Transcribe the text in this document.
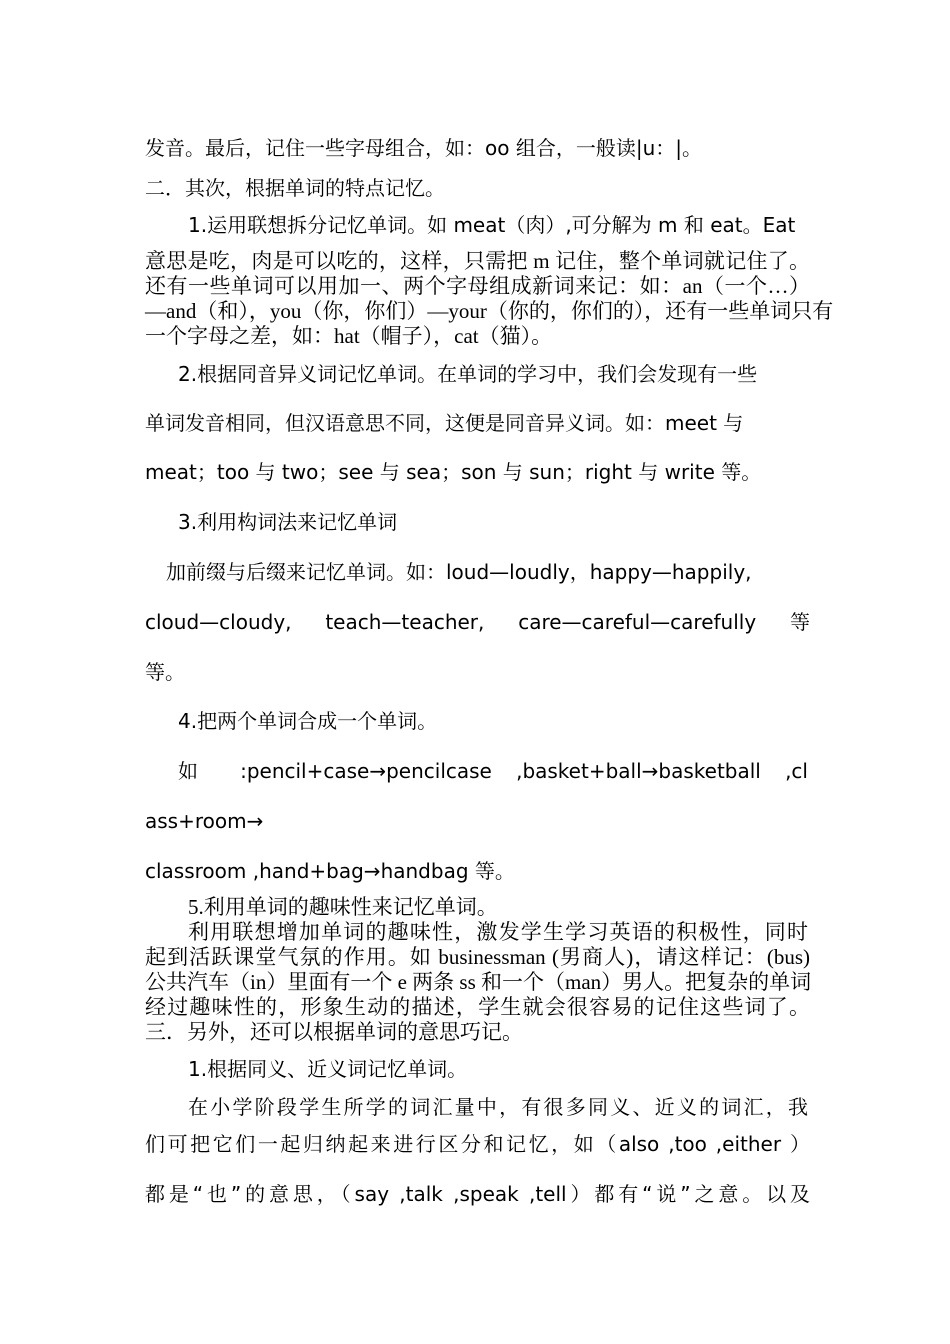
发音。最后，记住一些字母组合，如：oo 组合，一般读|u：|。
二．其次，根据单词的特点记忆。
1.运用联想拆分记忆单词。如 meat（肉）,可分解为 m 和 eat。Eat
意思是吃，肉是可以吃的，这样，只需把 m 记住，整个单词就记住了。
还有一些单词可以用加一、两个字母组成新词来记：如：an（一个…）
—and（和），you（你，你们）—your（你的，你们的），还有一些单词只有
一个字母之差，如：hat（帽子），cat（猫）。
2.根据同音异义词记忆单词。在单词的学习中，我们会发现有一些
单词发音相同，但汉语意思不同，这便是同音异义词。如：meet 与
meat；too 与 two；see 与 sea；son 与 sun；right 与 write 等。
3.利用构词法来记忆单词
加前缀与后缀来记忆单词。如：loud—loudly，happy—happily,
cloud—cloudy, teach—teacher, care—careful—carefully 等
等。
4.把两个单词合成一个单词。
如 :pencil+case→pencilcase ,basket+ball→basketball ,cl
ass+room→
classroom ,hand+bag→handbag 等。
5.利用单词的趣味性来记忆单词。
利用联想增加单词的趣味性，激发学生学习英语的积极性，同时
起到活跃课堂气氛的作用。如 businessman (男商人)，请这样记：(bus)
公共汽车（in）里面有一个 e 两条 ss 和一个（man）男人。把复杂的单词
经过趣味性的，形象生动的描述，学生就会很容易的记住这些词了。
三．另外，还可以根据单词的意思巧记。
1.根据同义、近义词记忆单词。
在小学阶段学生所学的词汇量中，有很多同义、近义的词汇，我
们可把它们一起归纳起来进行区分和记忆，如（also ,too ,either ）
都是“也”的意思，（say ,talk ,speak ,tell）都有“说”之意。以及
